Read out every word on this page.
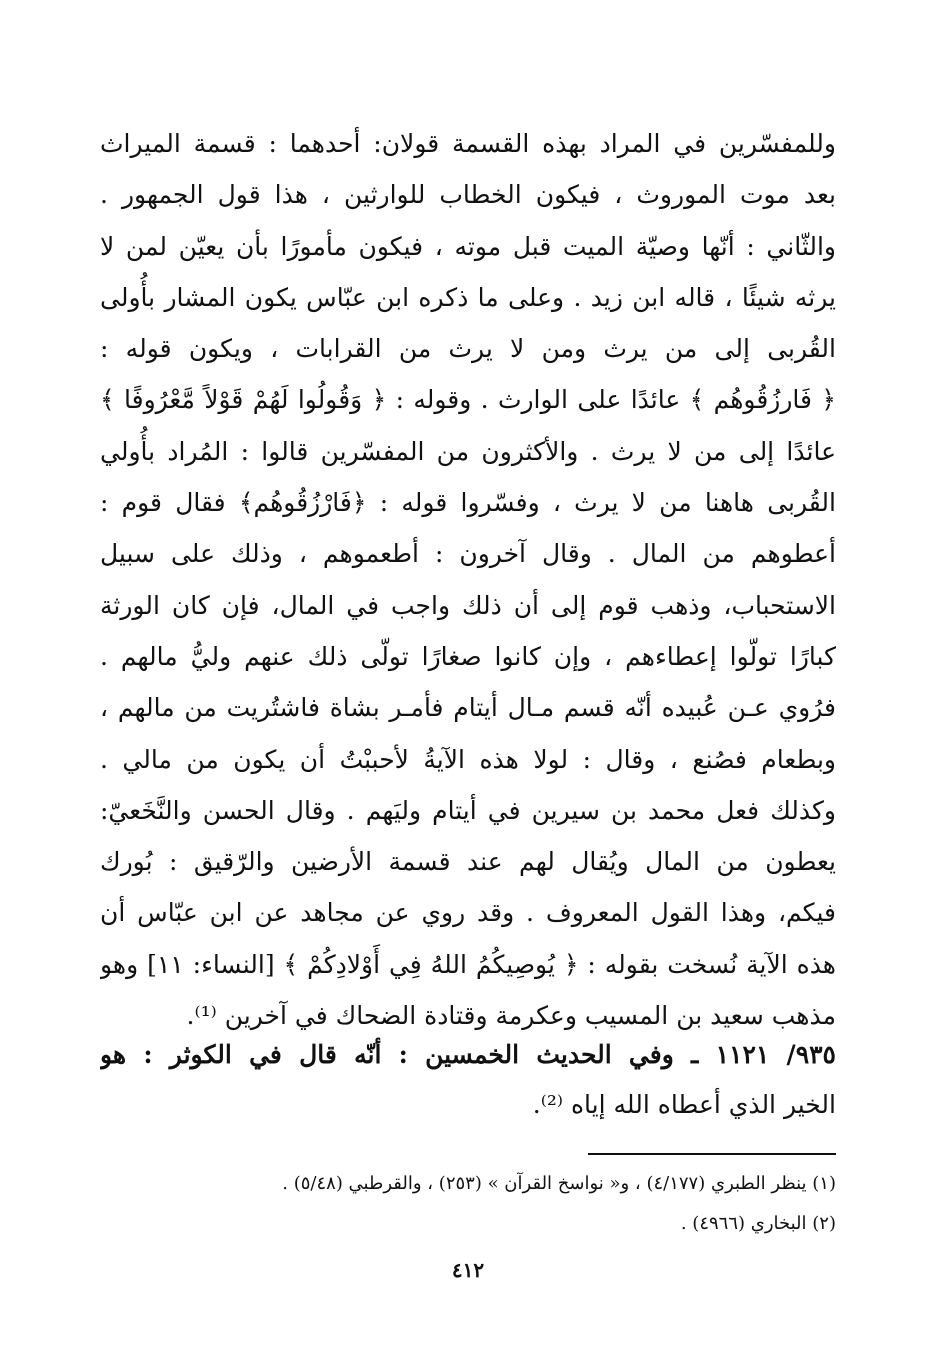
وللمفسّرين في المراد بهذه القسمة قولان: أحدهما : قسمة الميراث
بعد موت الموروث ، فيكون الخطاب للوارثين ، هذا قول الجمهور .
والثّاني : أنّها وصيّة الميت قبل موته ، فيكون مأمورًا بأن يعيّن لمن لا
يرثه شيئًا ، قاله ابن زيد . وعلى ما ذكره ابن عبّاس يكون المشار بأُولى
القُربى إلى من يرث ومن لا يرث من القرابات ، ويكون قوله :
﴿ فَارزُقُوهُم ﴾ عائدًا على الوارث . وقوله : ﴿ وَقُولُوا لَهُمْ قَوْلاً مَّعْرُوفًا ﴾
عائدًا إلى من لا يرث . والأكثرون من المفسّرين قالوا : المُراد بأُولي
القُربى هاهنا من لا يرث ، وفسّروا قوله : ﴿فَارْزُقُوهُم﴾ فقال قوم :
أعطوهم من المال . وقال آخرون : أطعموهم ، وذلك على سبيل
الاستحباب، وذهب قوم إلى أن ذلك واجب في المال، فإن كان الورثة
كبارًا تولّوا إعطاءهم ، وإن كانوا صغارًا تولّى ذلك عنهم وليُّ مالهم .
فرُوي عـن عُبيده أنّه قسم مـال أيتام فأمـر بشاة فاشتُريت من مالهم ،
وبطعام فصُنع ، وقال : لولا هذه الآيةُ لأحببْتُ أن يكون من مالي .
وكذلك فعل محمد بن سيرين في أيتام وليَهم . وقال الحسن والنَّخَعيّ:
يعطون من المال ويُقال لهم عند قسمة الأرضين والرّقيق : بُورك
فيكم، وهذا القول المعروف . وقد روي عن مجاهد عن ابن عبّاس أن
هذه الآية نُسخت بقوله : ﴿ يُوصِيكُمُ اللهُ فِي أَوْلادِكُمْ ﴾ [النساء: ١١] وهو
مذهب سعيد بن المسيب وعكرمة وقتادة الضحاك في آخرين ⁽¹⁾.
٩٣٥/ ١١٢١ ـ وفي الحديث الخمسين : أنّه قال في الكوثر : هو
الخير الذي أعطاه الله إياه ⁽²⁾.
(١) ينظر الطبري (٤/١٧٧) ، و« نواسخ القرآن » (٢٥٣) ، والقرطبي (٥/٤٨) .
(٢) البخاري (٤٩٦٦) .
٤١٢
